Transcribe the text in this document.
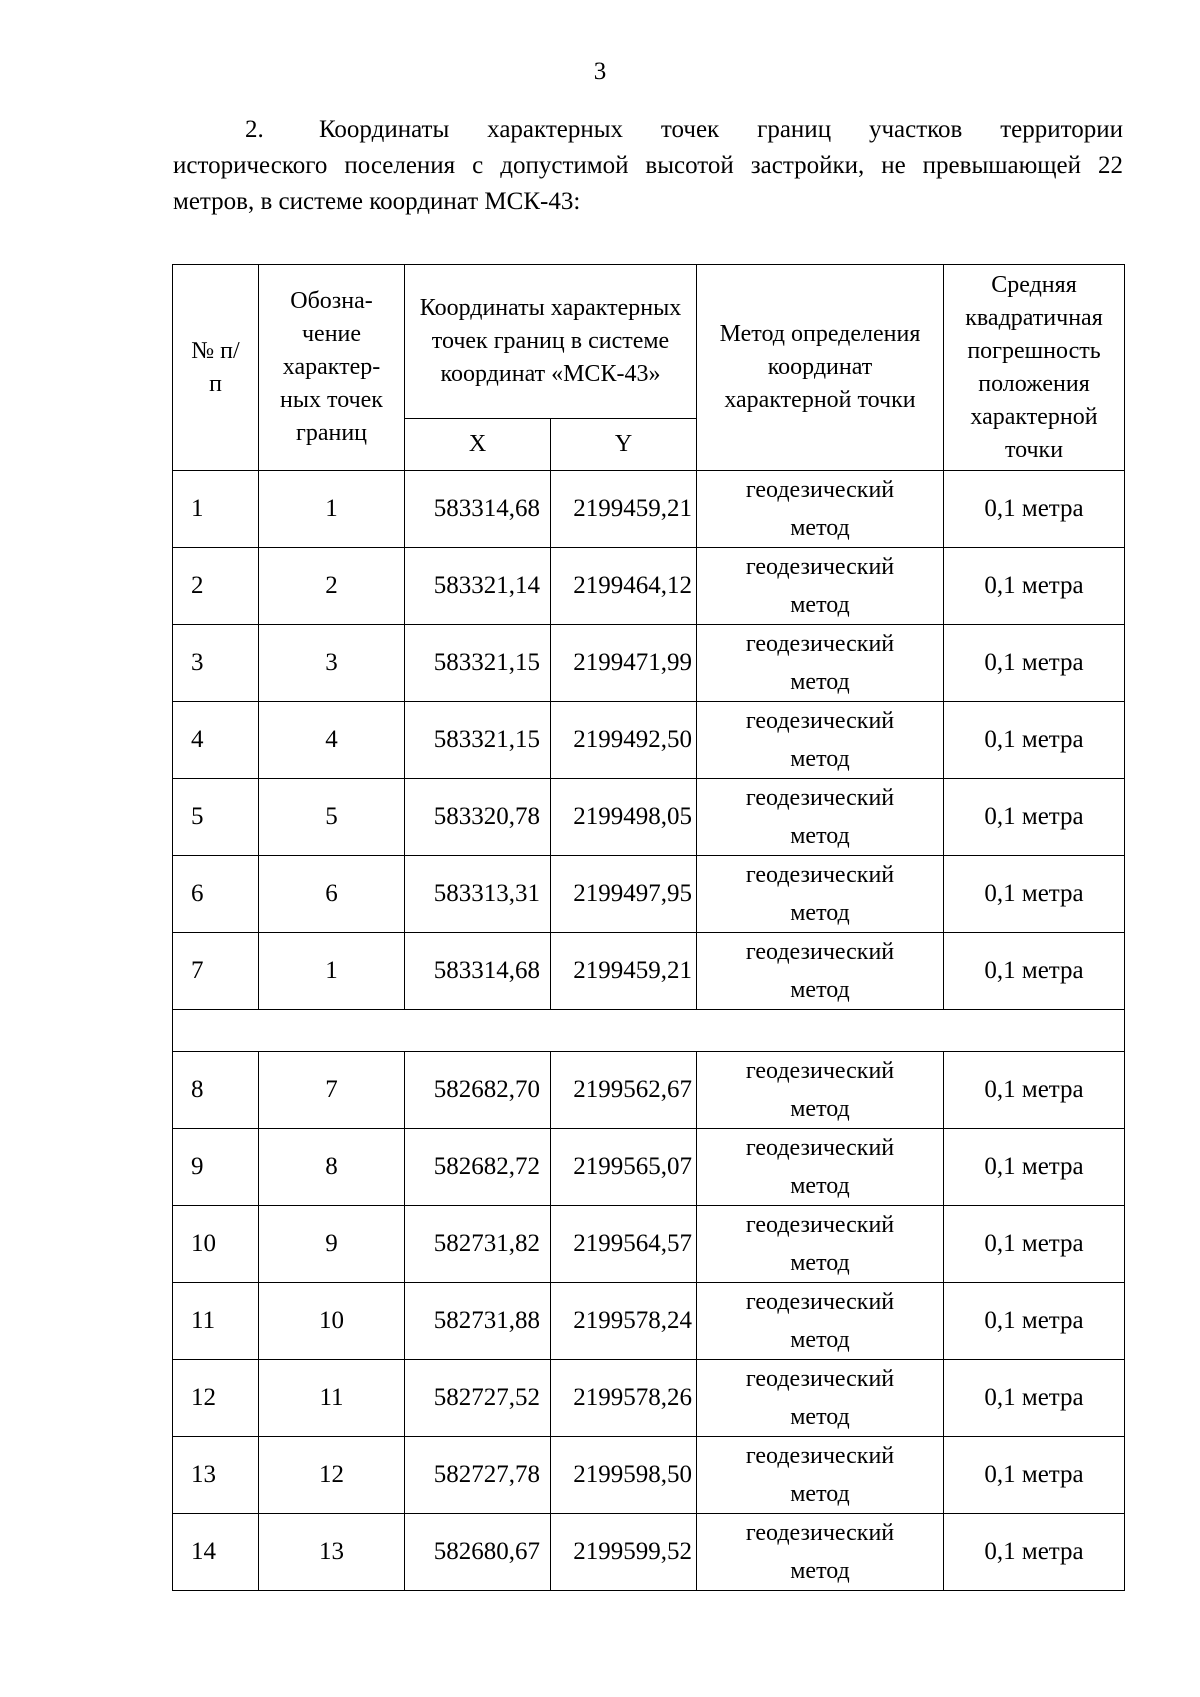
3
2. Координаты характерных точек границ участков территории исторического поселения с допустимой высотой застройки, не превышающей 22 метров, в системе координат МСК-43:
№ п/п	Обозна-чение характер-ных точек границ	Координаты характерных точек границ в системе координат «МСК-43»		Метод определения координат характерной точки	Средняя квадратичная погрешность положения характерной точки

		X	Y		
1	1	583314,68	2199459,21	геодезический метод	0,1 метра
2	2	583321,14	2199464,12	геодезический метод	0,1 метра
3	3	583321,15	2199471,99	геодезический метод	0,1 метра
4	4	583321,15	2199492,50	геодезический метод	0,1 метра
5	5	583320,78	2199498,05	геодезический метод	0,1 метра
6	6	583313,31	2199497,95	геодезический метод	0,1 метра
7	1	583314,68	2199459,21	геодезический метод	0,1 метра

8	7	582682,70	2199562,67	геодезический метод	0,1 метра
9	8	582682,72	2199565,07	геодезический метод	0,1 метра
10	9	582731,82	2199564,57	геодезический метод	0,1 метра
11	10	582731,88	2199578,24	геодезический метод	0,1 метра
12	11	582727,52	2199578,26	геодезический метод	0,1 метра
13	12	582727,78	2199598,50	геодезический метод	0,1 метра
14	13	582680,67	2199599,52	геодезический метод	0,1 метра
